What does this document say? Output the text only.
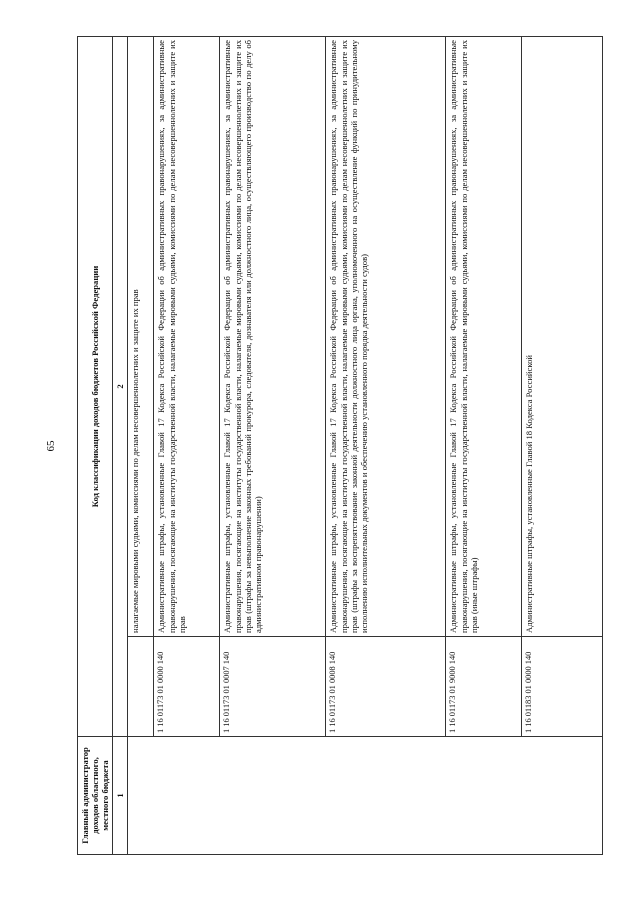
65
Главный администратор доходов областного, местного бюджета	Код классификации доходов бюджетов Российской Федерации	
1	2	
		налагаемые мировыми судьями, комиссиями по делам несовершеннолетних и защите их прав
	1 16 01173 01 0000 140	Административные штрафы, установленные Главой 17 Кодекса Российской Федерации об административных правонарушениях, за административные правонарушения, посягающие на институты государственной власти, налагаемые мировыми судьями, комиссиями по делам несовершеннолетних и защите их прав
	1 16 01173 01 0007 140	Административные штрафы, установленные Главой 17 Кодекса Российской Федерации об административных правонарушениях, за административные правонарушения, посягающие на институты государственной власти, налагаемые мировыми судьями, комиссиями по делам несовершеннолетних и защите их прав (штрафы за невыполнение законных требований прокурора, следователя, дознавателя или должностного лица, осуществляющего производство по делу об административном правонарушении)
	1 16 01173 01 0008 140	Административные штрафы, установленные Главой 17 Кодекса Российской Федерации об административных правонарушениях, за административные правонарушения, посягающие на институты государственной власти, налагаемые мировыми судьями, комиссиями по делам несовершеннолетних и защите их прав (штрафы за воспрепятствование законной деятельности должностного лица органа, уполномоченного на осуществление функций по принудительному исполнению исполнительных документов и обеспечению установленного порядка деятельности судов)
	1 16 01173 01 9000 140	Административные штрафы, установленные Главой 17 Кодекса Российской Федерации об административных правонарушениях, за административные правонарушения, посягающие на институты государственной власти, налагаемые мировыми судьями, комиссиями по делам несовершеннолетних и защите их прав (иные штрафы)
	1 16 01183 01 0000 140	Административные штрафы, установленные Главой 18 Кодекса Российской
